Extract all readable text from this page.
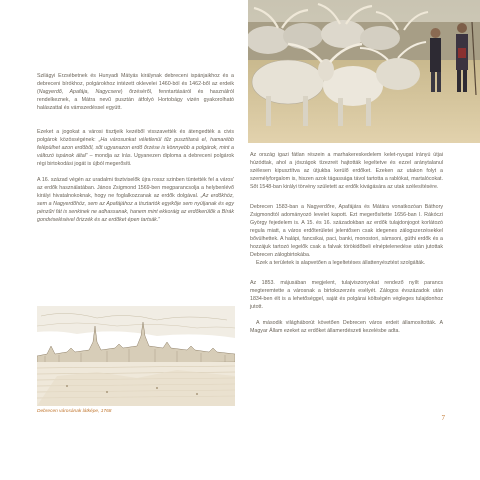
Szilágyi Erzsébetnek és Hunyadi Mátyás királynak debreceni ispánjaikhoz és a debreceni bírókhoz, polgárokhoz intézett oklevelei 1460-ból és 1462-ből az erdeik (Nagyerdő, Apafája, Nagycsere) őrzéséről, fenntartásáról és használról rendelkeznek, a Mátra nevű pusztán átfolyó Hortobágy vizén gyakorolható halászattal és vámszedéssel együtt.

Ezeket a jogokat a városi tisztjeik kezéből visszavették és átengedték a civis polgárok közösségének: „Ha városunkat véletlenül tűz pusztítaná el, hamarébb felépülhet azon erdőből, sőt ugyanazon erdő őrzése is könnyebb a polgárok, mint a változó ispánok által” – mondja az írás. Ugyanezen diploma a debreceni polgárok régi birtokodási jogát is újból megerősíti.

A 16. század végén az uradalmi tisztviselők újra rossz szinben tüntették fel a város' az erdők használatában. János Zsigmond 1569-ben megparancsolja a helybenlévő királyi hivatalnokoknak, hogy ne foglalkozzanak az erdők dolgával. „Az erdőkhöz, sem a Nagyerdőhöz, sem az Apafájához a tisztartók egyikője sem nyúljanak és egy pénzűri fát is senkinek ne adhassanak, hanem mint ekkoráig az erdőkerülők a Bírák gondviselésével őrizzék és az erdőket épen tartsák.”

Az ország igazi fátlan részein a marhakereskedelem kelet-nyugat irányú útjai húzódtak, ahol a jószágok tízezreit hajtották legeltetve és ezzel aránytalanul szélesen kipusztítva az útjukba kerülő erdőket. Ezeken az utakon folyt a személyforgalom is, hiszen azok tágassága távol tartotta a rablókat, martalócokat. Sőt 1548-ban királyi törvény született az erdők kivágására az utak szélesítésére.

Debrecen 1583-ban a Nagyerdőre, Apafájára és Mátára vonatkozóan Báthory Zsigmondtól adományozó levelet kapott. Ezt megerősítette 1656-ban I. Rákóczi György fejedelem is. A 15. és 16. századokban az erdők tulajdonjogot korlátozó regula miatt, a város erdőterületei jelentősen csak idegenes zálogszerzésekkel bővülhettek. A halápi, fancsikai, paci, banki, monostori, sámsoni, güthi erdők és a hozzájuk tartozó legelők csak a falvak törökidőbeli elnéptelenedése után jutottak Debrecen zálogbirtokába.

Ezek a területek is alapvetően a legeltetéses állattenyésztést szolgálták.

Az 1853. májusában megjelent, tulajviszonyokat rendező nyílt parancs megteremtette a városnak a birtokszerzés esélyét. Zálogos évszázadok után 1834-ben élt is a lehetőséggel, saját és polgárai költségén végleges tulajdonhoz jutott.

A második világháborút követően Debrecen város erdeit államosították. A Magyar Állam ezeket az erdőket államerdészeti kezelésbe adta.

Debrecen városának látképe, 1768
7
